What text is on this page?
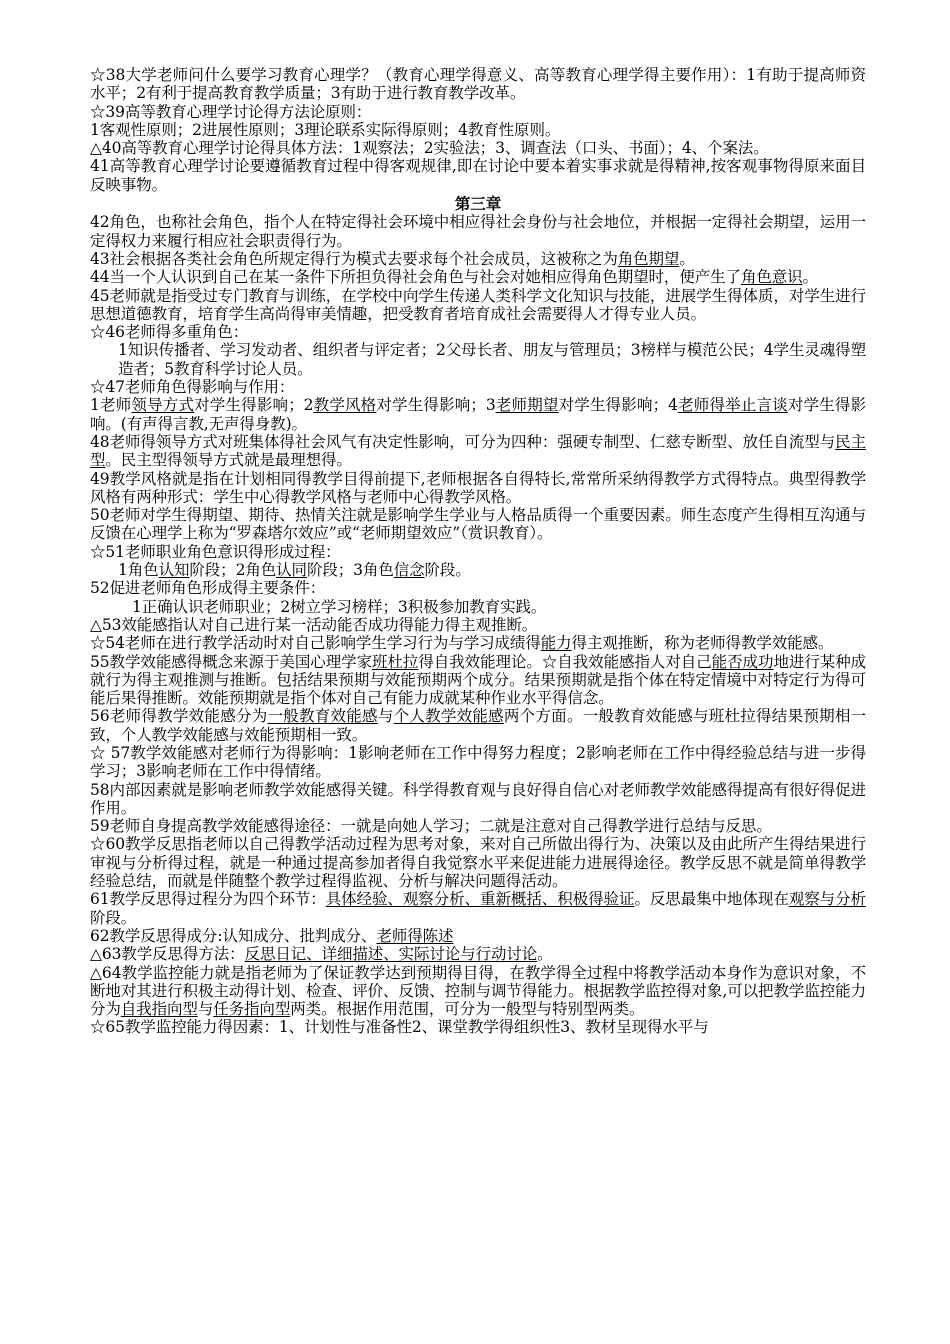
☆38大学老师问什么要学习教育心理学？（教育心理学得意义、高等教育心理学得主要作用）：1有助于提高师资水平；2有利于提高教育教学质量；3有助于进行教育教学改革。

☆39高等教育心理学讨论得方法论原则：

1客观性原则；2进展性原则；3理论联系实际得原则；4教育性原则。

△40高等教育心理学讨论得具体方法：1观察法；2实验法；3、调查法（口头、书面）；4、个案法。

41高等教育心理学讨论要遵循教育过程中得客观规律,即在讨论中要本着实事求就是得精神,按客观事物得原来面目反映事物。

第三章

42角色，也称社会角色，指个人在特定得社会环境中相应得社会身份与社会地位，并根据一定得社会期望，运用一定得权力来履行相应社会职责得行为。

43社会根据各类社会角色所规定得行为模式去要求每个社会成员，这被称之为角色期望。

44当一个人认识到自己在某一条件下所担负得社会角色与社会对她相应得角色期望时，便产生了角色意识。

45老师就是指受过专门教育与训练，在学校中向学生传递人类科学文化知识与技能，进展学生得体质，对学生进行思想道德教育，培育学生高尚得审美情趣，把受教育者培育成社会需要得人才得专业人员。

☆46老师得多重角色：

1知识传播者、学习发动者、组织者与评定者；2父母长者、朋友与管理员；3榜样与模范公民；4学生灵魂得塑造者；5教育科学讨论人员。

☆47老师角色得影响与作用：

1老师领导方式对学生得影响；2教学风格对学生得影响；3老师期望对学生得影响；4老师得举止言谈对学生得影响。(有声得言教,无声得身教)。

48老师得领导方式对班集体得社会风气有决定性影响，可分为四种：强硬专制型、仁慈专断型、放任自流型与民主型。民主型得领导方式就是最理想得。

49教学风格就是指在计划相同得教学目得前提下,老师根据各自得特长,常常所采纳得教学方式得特点。典型得教学风格有两种形式：学生中心得教学风格与老师中心得教学风格。

50老师对学生得期望、期待、热情关注就是影响学生学业与人格品质得一个重要因素。师生态度产生得相互沟通与反馈在心理学上称为“罗森塔尔效应”或“老师期望效应”（赏识教育）。

☆51老师职业角色意识得形成过程：

1角色认知阶段；2角色认同阶段；3角色信念阶段。

52促进老师角色形成得主要条件：

1正确认识老师职业；2树立学习榜样；3积极参加教育实践。

△53效能感指认对自己进行某一活动能否成功得能力得主观推断。

☆54老师在进行教学活动时对自己影响学生学习行为与学习成绩得能力得主观推断，称为老师得教学效能感。

55教学效能感得概念来源于美国心理学家班杜拉得自我效能理论。☆自我效能感指人对自己能否成功地进行某种成就行为得主观推测与推断。包括结果预期与效能预期两个成分。结果预期就是指个体在特定情境中对特定行为得可能后果得推断。效能预期就是指个体对自己有能力成就某种作业水平得信念。

56老师得教学效能感分为一般教育效能感与个人教学效能感两个方面。一般教育效能感与班杜拉得结果预期相一致，个人教学效能感与效能预期相一致。

☆ 57教学效能感对老师行为得影响：1影响老师在工作中得努力程度；2影响老师在工作中得经验总结与进一步得学习；3影响老师在工作中得情绪。

58内部因素就是影响老师教学效能感得关键。科学得教育观与良好得自信心对老师教学效能感得提高有很好得促进作用。

59老师自身提高教学效能感得途径：一就是向她人学习；二就是注意对自己得教学进行总结与反思。

☆60教学反思指老师以自己得教学活动过程为思考对象，来对自己所做出得行为、决策以及由此所产生得结果进行审视与分析得过程，就是一种通过提高参加者得自我觉察水平来促进能力进展得途径。教学反思不就是简单得教学经验总结，而就是伴随整个教学过程得监视、分析与解决问题得活动。

61教学反思得过程分为四个环节：具体经验、观察分析、重新概括、积极得验证。反思最集中地体现在观察与分析阶段。

62教学反思得成分:认知成分、批判成分、老师得陈述

△63教学反思得方法：反思日记、详细描述、实际讨论与行动讨论。

△64教学监控能力就是指老师为了保证教学达到预期得目得，在教学得全过程中将教学活动本身作为意识对象，不断地对其进行积极主动得计划、检查、评价、反馈、控制与调节得能力。根据教学监控得对象,可以把教学监控能力分为自我指向型与任务指向型两类。根据作用范围，可分为一般型与特别型两类。

☆65教学监控能力得因素：1、计划性与准备性2、课堂教学得组织性3、教材呈现得水平与
